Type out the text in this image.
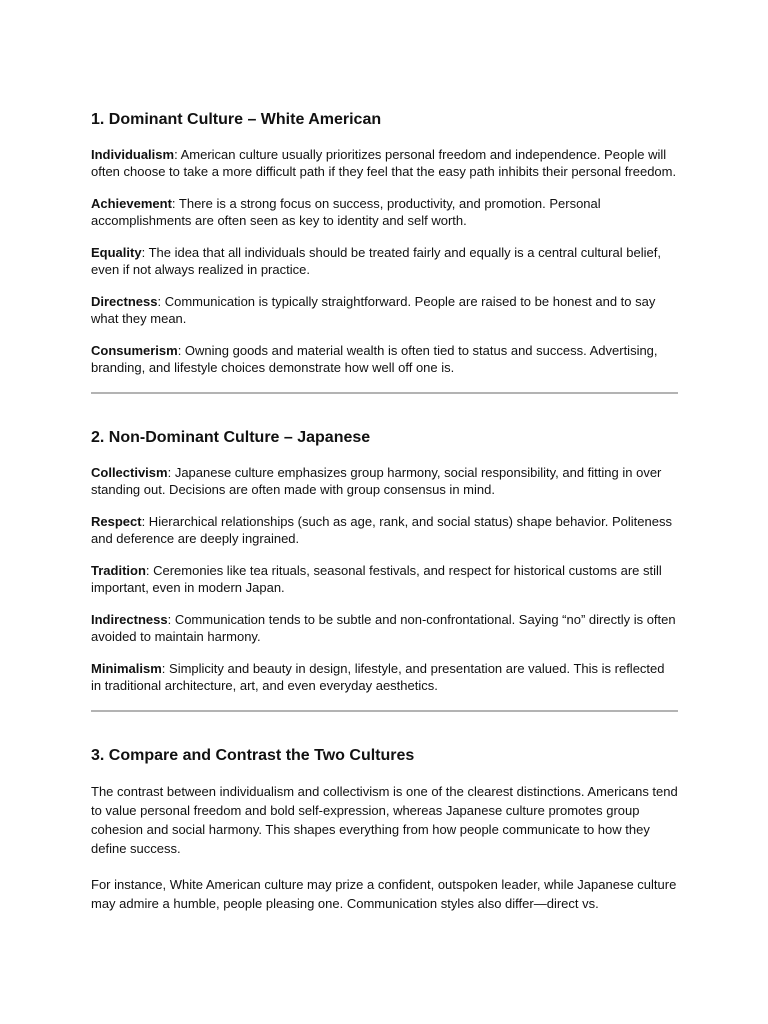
1. Dominant Culture – White American

Individualism: American culture usually prioritizes personal freedom and independence. People will often choose to take a more difficult path if they feel that the easy path inhibits their personal freedom.

Achievement: There is a strong focus on success, productivity, and promotion. Personal accomplishments are often seen as key to identity and self worth.

Equality: The idea that all individuals should be treated fairly and equally is a central cultural belief, even if not always realized in practice.

Directness: Communication is typically straightforward. People are raised to be honest and to say what they mean.

Consumerism: Owning goods and material wealth is often tied to status and success. Advertising, branding, and lifestyle choices demonstrate how well off one is.

2. Non-Dominant Culture – Japanese

Collectivism: Japanese culture emphasizes group harmony, social responsibility, and fitting in over standing out. Decisions are often made with group consensus in mind.

Respect: Hierarchical relationships (such as age, rank, and social status) shape behavior. Politeness and deference are deeply ingrained.

Tradition: Ceremonies like tea rituals, seasonal festivals, and respect for historical customs are still important, even in modern Japan.

Indirectness: Communication tends to be subtle and non-confrontational. Saying “no” directly is often avoided to maintain harmony.

Minimalism: Simplicity and beauty in design, lifestyle, and presentation are valued. This is reflected in traditional architecture, art, and even everyday aesthetics.

3. Compare and Contrast the Two Cultures

The contrast between individualism and collectivism is one of the clearest distinctions. Americans tend to value personal freedom and bold self-expression, whereas Japanese culture promotes group cohesion and social harmony. This shapes everything from how people communicate to how they define success.

For instance, White American culture may prize a confident, outspoken leader, while Japanese culture may admire a humble, people pleasing one. Communication styles also differ—direct vs.
